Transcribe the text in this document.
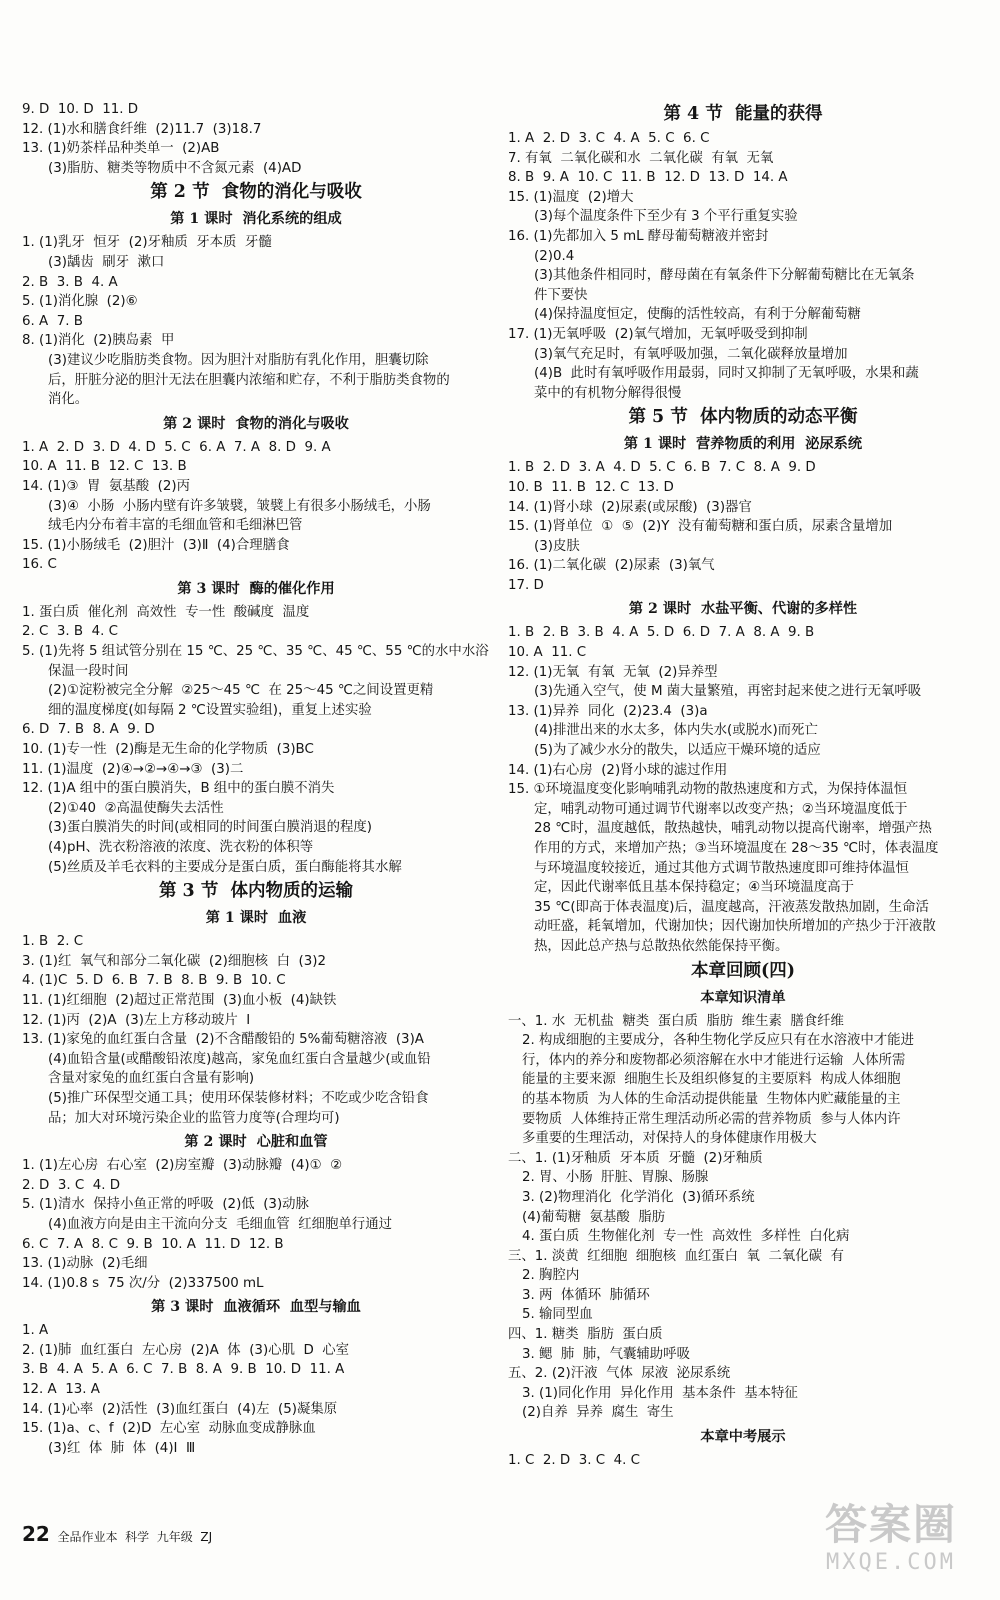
9. D  10. D  11. D
12. (1)水和膳食纤维  (2)11.7  (3)18.7
13. (1)奶茶样品种类单一  (2)AB
(3)脂肪、糖类等物质中不含氮元素  (4)AD
第 2 节  食物的消化与吸收
第 1 课时  消化系统的组成
1. (1)乳牙  恒牙  (2)牙釉质  牙本质  牙髓
(3)龋齿  刷牙  漱口
2. B  3. B  4. A
5. (1)消化腺  (2)⑥
6. A  7. B
8. (1)消化  (2)胰岛素  甲
(3)建议少吃脂肪类食物。因为胆汁对脂肪有乳化作用，胆囊切除
后，肝脏分泌的胆汁无法在胆囊内浓缩和贮存，不利于脂肪类食物的
消化。
第 2 课时  食物的消化与吸收
1. A  2. D  3. D  4. D  5. C  6. A  7. A  8. D  9. A
10. A  11. B  12. C  13. B
14. (1)③  胃  氨基酸  (2)丙
(3)④  小肠  小肠内壁有许多皱襞，皱襞上有很多小肠绒毛，小肠
绒毛内分布着丰富的毛细血管和毛细淋巴管
15. (1)小肠绒毛  (2)胆汁  (3)Ⅱ  (4)合理膳食
16. C
第 3 课时  酶的催化作用
1. 蛋白质  催化剂  高效性  专一性  酸碱度  温度
2. C  3. B  4. C
5. (1)先将 5 组试管分别在 15 ℃、25 ℃、35 ℃、45 ℃、55 ℃的水中水浴
保温一段时间
(2)①淀粉被完全分解  ②25～45 ℃  在 25～45 ℃之间设置更精
细的温度梯度(如每隔 2 ℃设置实验组)，重复上述实验
6. D  7. B  8. A  9. D
10. (1)专一性  (2)酶是无生命的化学物质  (3)BC
11. (1)温度  (2)④→②→④→③  (3)二
12. (1)A 组中的蛋白膜消失，B 组中的蛋白膜不消失
(2)①40  ②高温使酶失去活性
(3)蛋白膜消失的时间(或相同的时间蛋白膜消退的程度)
(4)pH、洗衣粉溶液的浓度、洗衣粉的体积等
(5)丝质及羊毛衣料的主要成分是蛋白质，蛋白酶能将其水解
第 3 节  体内物质的运输
第 1 课时  血液
1. B  2. C
3. (1)红  氧气和部分二氧化碳  (2)细胞核  白  (3)2
4. (1)C  5. D  6. B  7. B  8. B  9. B  10. C
11. (1)红细胞  (2)超过正常范围  (3)血小板  (4)缺铁
12. (1)丙  (2)A  (3)左上方移动玻片  Ⅰ
13. (1)家兔的血红蛋白含量  (2)不含醋酸铅的 5%葡萄糖溶液  (3)A
(4)血铅含量(或醋酸铅浓度)越高，家兔血红蛋白含量越少(或血铅
含量对家兔的血红蛋白含量有影响)
(5)推广环保型交通工具；使用环保装修材料；不吃或少吃含铅食
品；加大对环境污染企业的监管力度等(合理均可)
第 2 课时  心脏和血管
1. (1)左心房  右心室  (2)房室瓣  (3)动脉瓣  (4)①  ②
2. D  3. C  4. D
5. (1)清水  保持小鱼正常的呼吸  (2)低  (3)动脉
(4)血液方向是由主干流向分支  毛细血管  红细胞单行通过
6. C  7. A  8. C  9. B  10. A  11. D  12. B
13. (1)动脉  (2)毛细
14. (1)0.8 s  75 次/分  (2)337500 mL
第 3 课时  血液循环  血型与输血
1. A
2. (1)肺  血红蛋白  左心房  (2)A  体  (3)心肌  D  心室
3. B  4. A  5. A  6. C  7. B  8. A  9. B  10. D  11. A
12. A  13. A
14. (1)心率  (2)活性  (3)血红蛋白  (4)左  (5)凝集原
15. (1)a、c、f  (2)D  左心室  动脉血变成静脉血
(3)红  体  肺  体  (4)Ⅰ  Ⅲ
第 4 节  能量的获得
1. A  2. D  3. C  4. A  5. C  6. C
7. 有氧  二氧化碳和水  二氧化碳  有氧  无氧
8. B  9. A  10. C  11. B  12. D  13. D  14. A
15. (1)温度  (2)增大
(3)每个温度条件下至少有 3 个平行重复实验
16. (1)先都加入 5 mL 酵母葡萄糖液并密封
(2)0.4
(3)其他条件相同时，酵母菌在有氧条件下分解葡萄糖比在无氧条
件下要快
(4)保持温度恒定，使酶的活性较高，有利于分解葡萄糖
17. (1)无氧呼吸  (2)氧气增加，无氧呼吸受到抑制
(3)氧气充足时，有氧呼吸加强，二氧化碳释放量增加
(4)B  此时有氧呼吸作用最弱，同时又抑制了无氧呼吸，水果和蔬
菜中的有机物分解得很慢
第 5 节  体内物质的动态平衡
第 1 课时  营养物质的利用  泌尿系统
1. B  2. D  3. A  4. D  5. C  6. B  7. C  8. A  9. D
10. B  11. B  12. C  13. D
14. (1)肾小球  (2)尿素(或尿酸)  (3)器官
15. (1)肾单位  ①  ⑤  (2)Y  没有葡萄糖和蛋白质，尿素含量增加
(3)皮肤
16. (1)二氧化碳  (2)尿素  (3)氧气
17. D
第 2 课时  水盐平衡、代谢的多样性
1. B  2. B  3. B  4. A  5. D  6. D  7. A  8. A  9. B
10. A  11. C
12. (1)无氧  有氧  无氧  (2)异养型
(3)先通入空气，使 M 菌大量繁殖，再密封起来使之进行无氧呼吸
13. (1)异养  同化  (2)23.4  (3)a
(4)排泄出来的水太多，体内失水(或脱水)而死亡
(5)为了减少水分的散失，以适应干燥环境的适应
14. (1)右心房  (2)肾小球的滤过作用
15. ①环境温度变化影响哺乳动物的散热速度和方式，为保持体温恒
定，哺乳动物可通过调节代谢率以改变产热；②当环境温度低于
28 ℃时，温度越低，散热越快，哺乳动物以提高代谢率，增强产热
作用的方式，来增加产热；③当环境温度在 28～35 ℃时，体表温度
与环境温度较接近，通过其他方式调节散热速度即可维持体温恒
定，因此代谢率低且基本保持稳定；④当环境温度高于
35 ℃(即高于体表温度)后，温度越高，汗液蒸发散热加剧，生命活
动旺盛，耗氧增加，代谢加快；因代谢加快所增加的产热少于汗液散
热，因此总产热与总散热依然能保持平衡。
本章回顾(四)
本章知识清单
一、1. 水  无机盐  糖类  蛋白质  脂肪  维生素  膳食纤维
2. 构成细胞的主要成分，各种生物化学反应只有在水溶液中才能进
行，体内的养分和废物都必须溶解在水中才能进行运输  人体所需
能量的主要来源  细胞生长及组织修复的主要原料  构成人体细胞
的基本物质  为人体的生命活动提供能量  生物体内贮藏能量的主
要物质  人体维持正常生理活动所必需的营养物质  参与人体内许
多重要的生理活动，对保持人的身体健康作用极大
二、1. (1)牙釉质  牙本质  牙髓  (2)牙釉质
2. 胃、小肠  肝脏、胃腺、肠腺
3. (2)物理消化  化学消化  (3)循环系统
(4)葡萄糖  氨基酸  脂肪
4. 蛋白质  生物催化剂  专一性  高效性  多样性  白化病
三、1. 淡黄  红细胞  细胞核  血红蛋白  氧  二氧化碳  有
2. 胸腔内
3. 两  体循环  肺循环
5. 输同型血
四、1. 糖类  脂肪  蛋白质
3. 鳃  肺  肺，气囊辅助呼吸
五、2. (2)汗液  气体  尿液  泌尿系统
3. (1)同化作用  异化作用  基本条件  基本特征
(2)自养  异养  腐生  寄生
本章中考展示
1. C  2. D  3. C  4. C
22 全品作业本  科学  九年级  ZJ	答案圈
MXQE.COM
